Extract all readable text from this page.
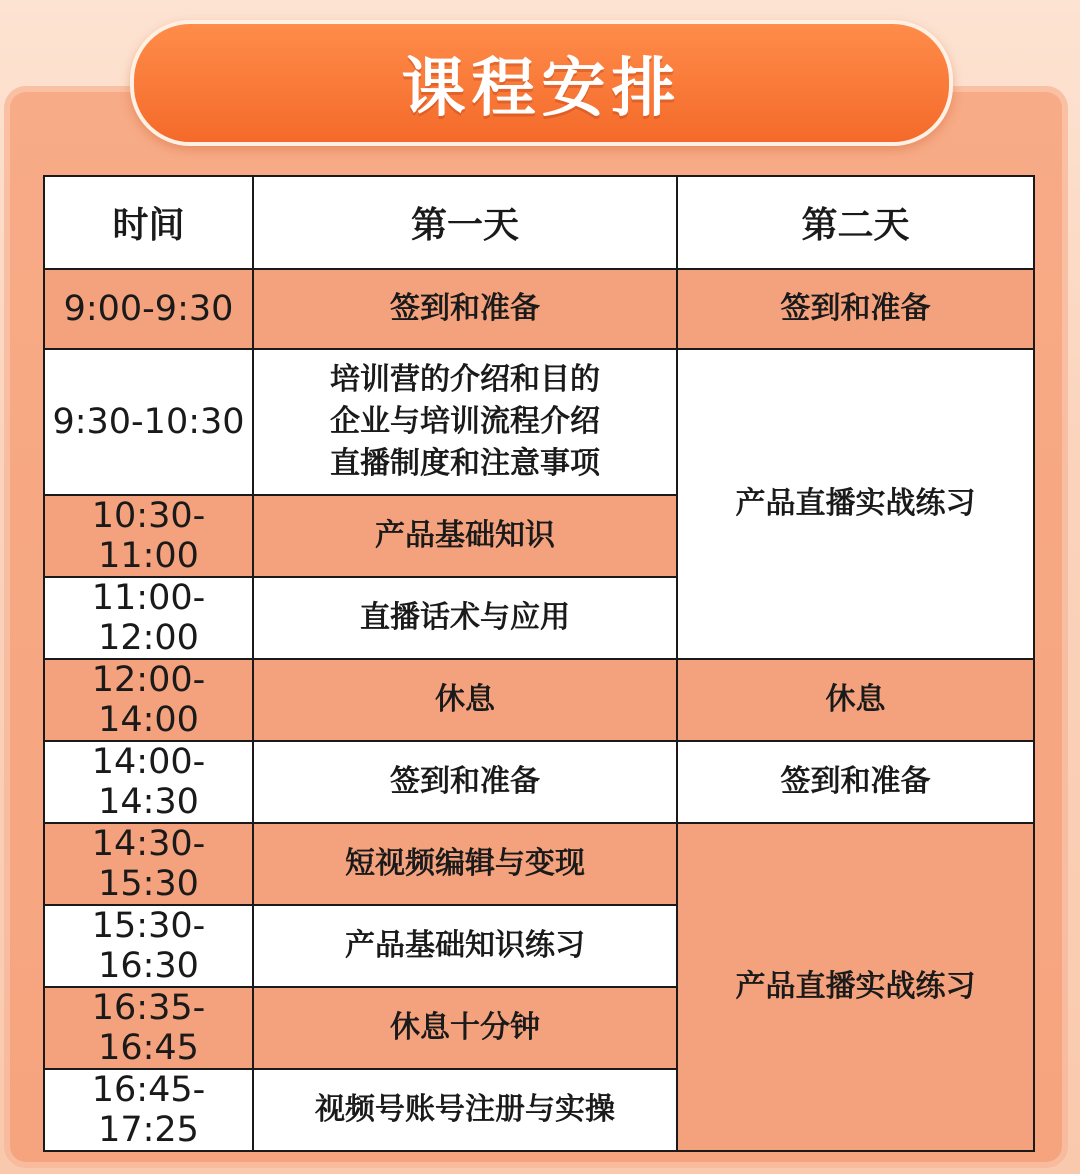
课程安排
时间	第一天	第二天
9:00-9:30	签到和准备	签到和准备
9:30-10:30	培训营的介绍和目的
企业与培训流程介绍
直播制度和注意事项	产品直播实战练习
10:30-11:00	产品基础知识	
11:00-12:00	直播话术与应用	
12:00-14:00	休息	休息
14:00-14:30	签到和准备	签到和准备
14:30-15:30	短视频编辑与变现	产品直播实战练习
15:30-16:30	产品基础知识练习	
16:35-16:45	休息十分钟	
16:45-17:25	视频号账号注册与实操	
